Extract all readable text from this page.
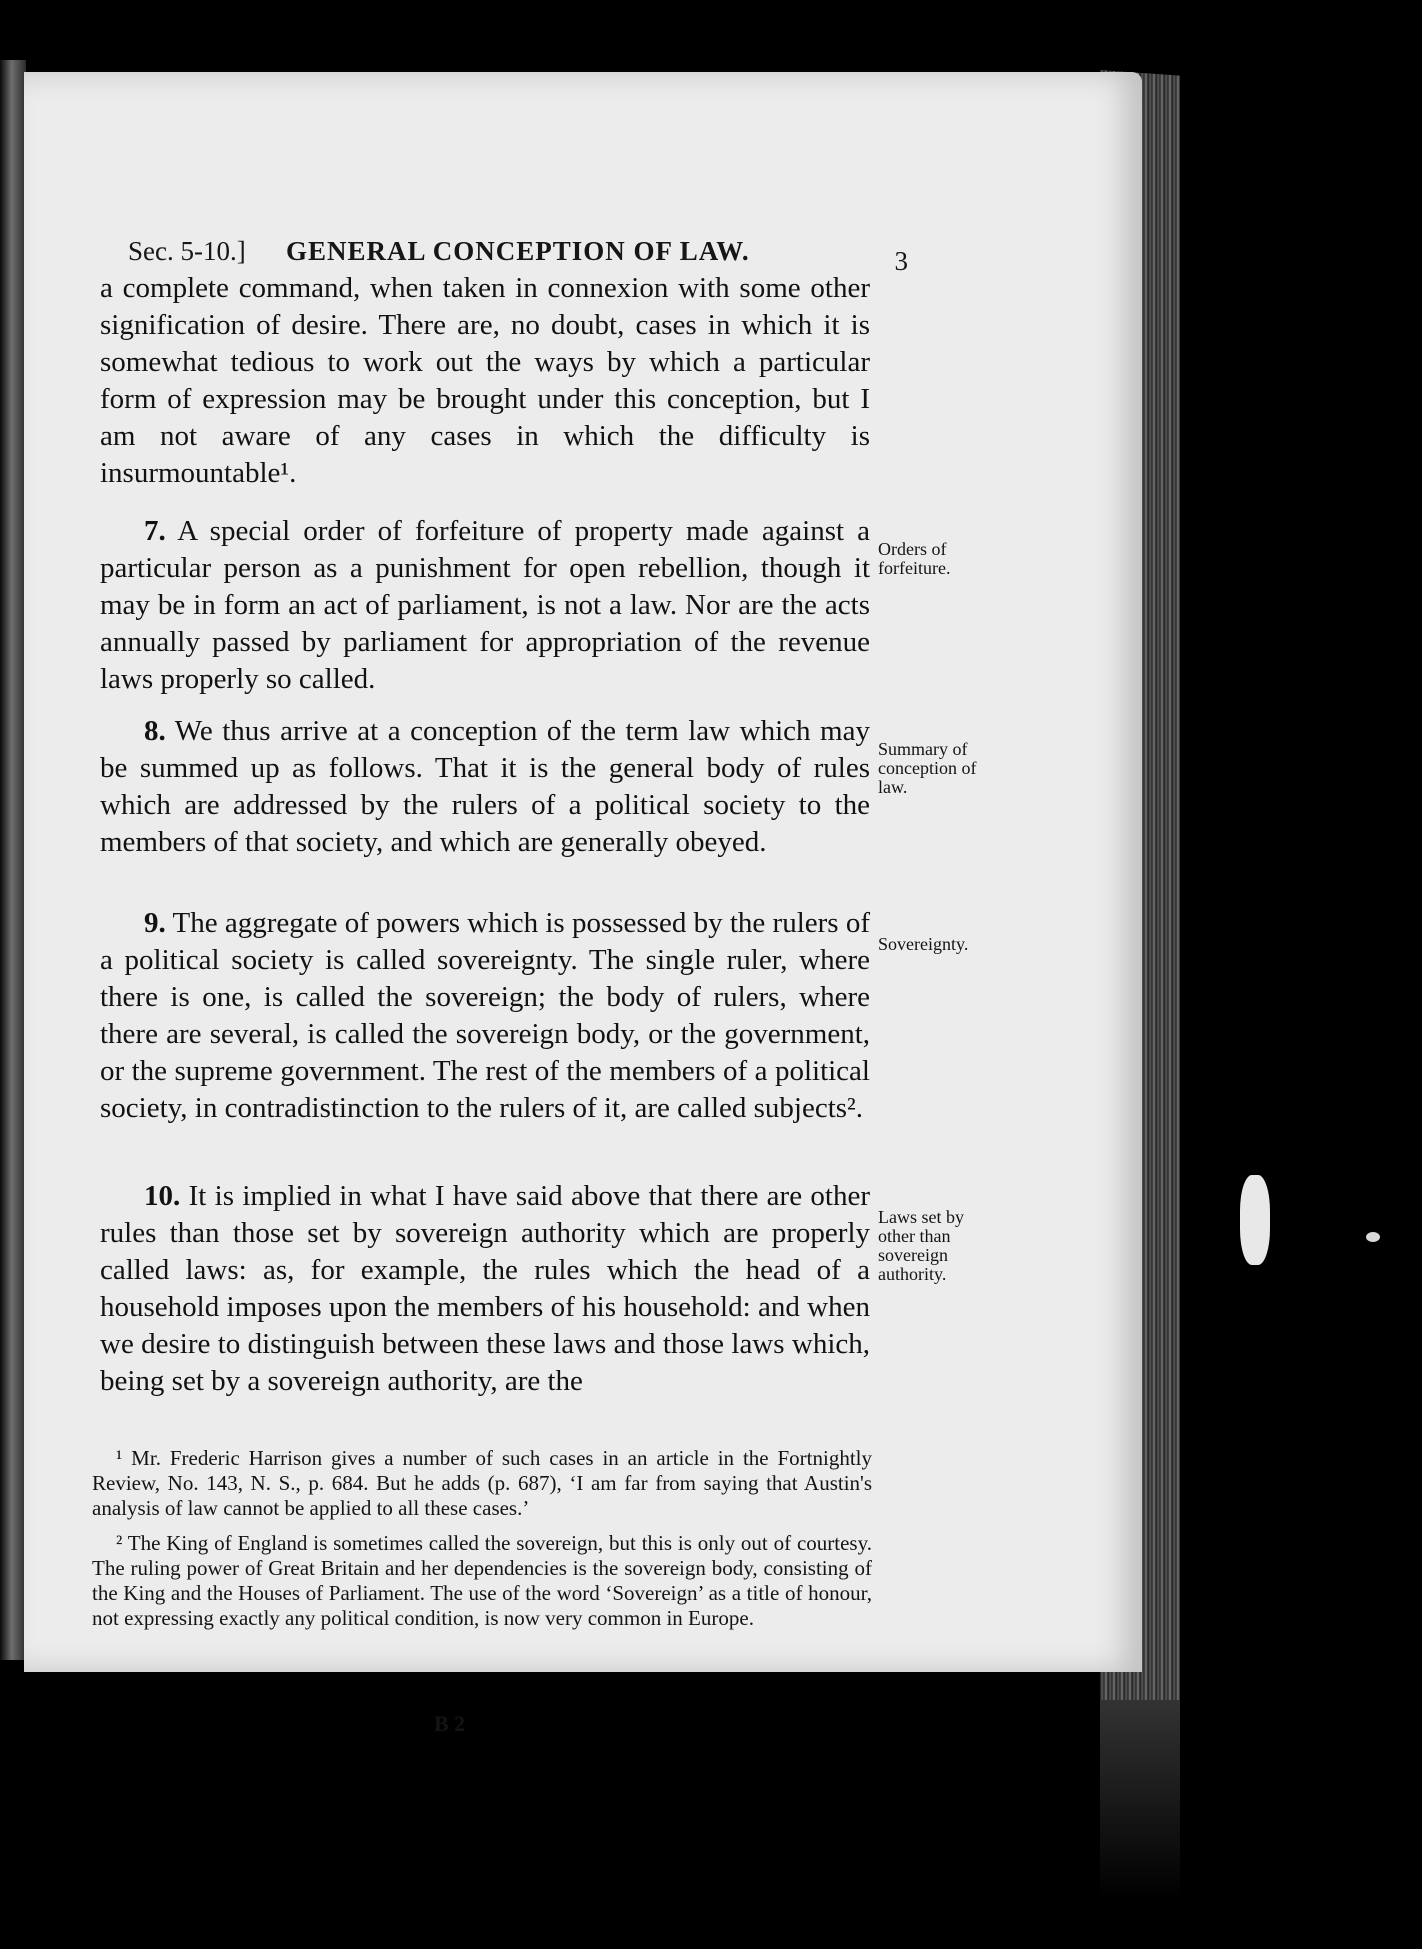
Sec. 5-10.] GENERAL CONCEPTION OF LAW.	3
a complete command, when taken in connexion with some other signification of desire. There are, no doubt, cases in which it is somewhat tedious to work out the ways by which a particular form of expression may be brought under this conception, but I am not aware of any cases in which the difficulty is insurmountable¹.
7. A special order of forfeiture of property made against a particular person as a punishment for open rebellion, though it may be in form an act of parliament, is not a law. Nor are the acts annually passed by parliament for appropriation of the revenue laws properly so called.
8. We thus arrive at a conception of the term law which may be summed up as follows. That it is the general body of rules which are addressed by the rulers of a political society to the members of that society, and which are generally obeyed.
9. The aggregate of powers which is possessed by the rulers of a political society is called sovereignty. The single ruler, where there is one, is called the sovereign; the body of rulers, where there are several, is called the sovereign body, or the government, or the supreme government. The rest of the members of a political society, in contradistinction to the rulers of it, are called subjects².
10. It is implied in what I have said above that there are other rules than those set by sovereign authority which are properly called laws: as, for example, the rules which the head of a household imposes upon the members of his household: and when we desire to distinguish between these laws and those laws which, being set by a sovereign authority, are the
Orders of forfeiture.
Summary of conception of law.
Sovereignty.
Laws set by other than sovereign authority.

¹ Mr. Frederic Harrison gives a number of such cases in an article in the Fortnightly Review, No. 143, N. S., p. 684. But he adds (p. 687), ‘I am far from saying that Austin's analysis of law cannot be applied to all these cases.’

² The King of England is sometimes called the sovereign, but this is only out of courtesy. The ruling power of Great Britain and her dependencies is the sovereign body, consisting of the King and the Houses of Parliament. The use of the word ‘Sovereign’ as a title of honour, not expressing exactly any political condition, is now very common in Europe.

B 2
